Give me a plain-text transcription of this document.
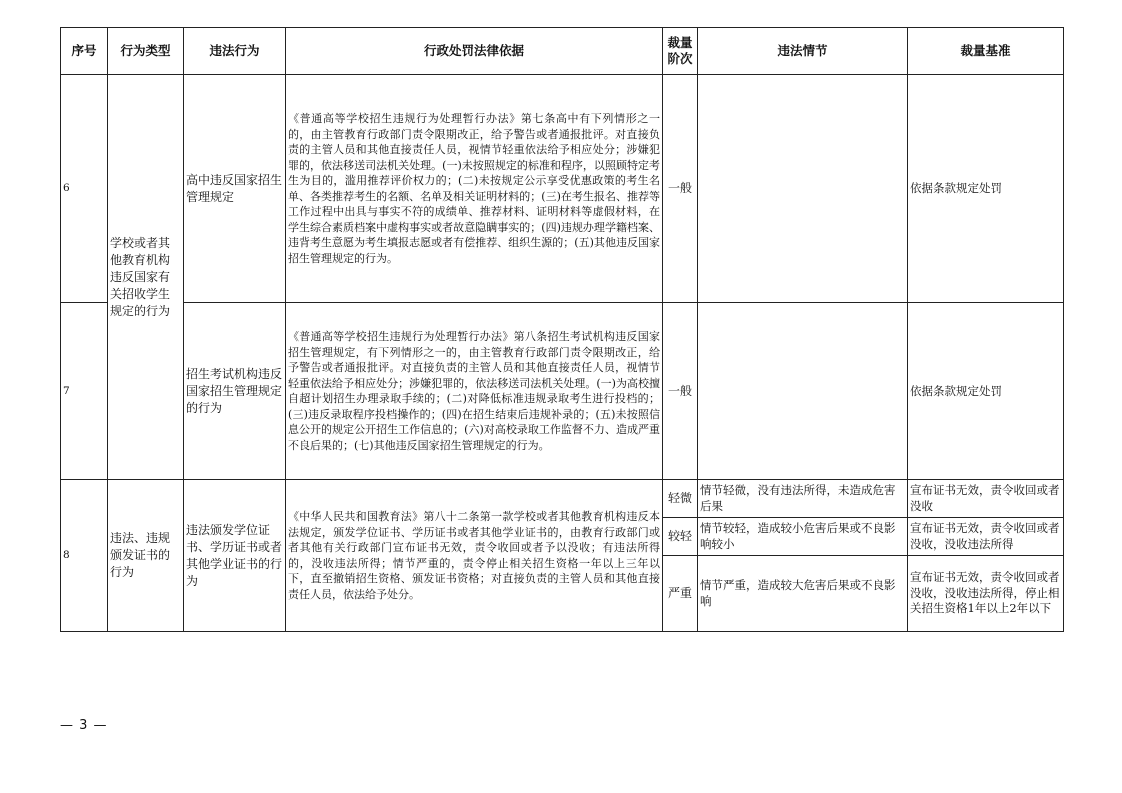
序号	行为类型	违法行为	行政处罚法律依据	裁量阶次	违法情节	裁量基准
6	学校或者其他教育机构违反国家有关招收学生规定的行为	高中违反国家招生管理规定	《普通高等学校招生违规行为处理暂行办法》第七条高中有下列情形之一的，由主管教育行政部门责令限期改正，给予警告或者通报批评。对直接负责的主管人员和其他直接责任人员，视情节轻重依法给予相应处分；涉嫌犯罪的，依法移送司法机关处理。(一)未按照规定的标准和程序，以照顾特定考生为目的，滥用推荐评价权力的；(二)未按规定公示享受优惠政策的考生名单、各类推荐考生的名额、名单及相关证明材料的；(三)在考生报名、推荐等工作过程中出具与事实不符的成绩单、推荐材料、证明材料等虚假材料，在学生综合素质档案中虚构事实或者故意隐瞒事实的；(四)违规办理学籍档案、违背考生意愿为考生填报志愿或者有偿推荐、组织生源的；(五)其他违反国家招生管理规定的行为。	一般		依据条款规定处罚
7		招生考试机构违反国家招生管理规定的行为	《普通高等学校招生违规行为处理暂行办法》第八条招生考试机构违反国家招生管理规定，有下列情形之一的，由主管教育行政部门责令限期改正，给予警告或者通报批评。对直接负责的主管人员和其他直接责任人员，视情节轻重依法给予相应处分；涉嫌犯罪的，依法移送司法机关处理。(一)为高校擅自超计划招生办理录取手续的；(二)对降低标准违规录取考生进行投档的；(三)违反录取程序投档操作的；(四)在招生结束后违规补录的；(五)未按照信息公开的规定公开招生工作信息的；(六)对高校录取工作监督不力、造成严重不良后果的；(七)其他违反国家招生管理规定的行为。	一般		依据条款规定处罚
8	违法、违规颁发证书的行为	违法颁发学位证书、学历证书或者其他学业证书的行为	《中华人民共和国教育法》第八十二条第一款学校或者其他教育机构违反本法规定，颁发学位证书、学历证书或者其他学业证书的，由教育行政部门或者其他有关行政部门宣布证书无效，责令收回或者予以没收；有违法所得的，没收违法所得；情节严重的，责令停止相关招生资格一年以上三年以下，直至撤销招生资格、颁发证书资格；对直接负责的主管人员和其他直接责任人员，依法给予处分。	轻微	情节轻微，没有违法所得，未造成危害后果	宣布证书无效，责令收回或者没收
				较轻	情节较轻，造成较小危害后果或不良影响较小	宣布证书无效，责令收回或者没收，没收违法所得
				严重	情节严重，造成较大危害后果或不良影响	宣布证书无效，责令收回或者没收，没收违法所得，停止相关招生资格1年以上2年以下
— 3 —
